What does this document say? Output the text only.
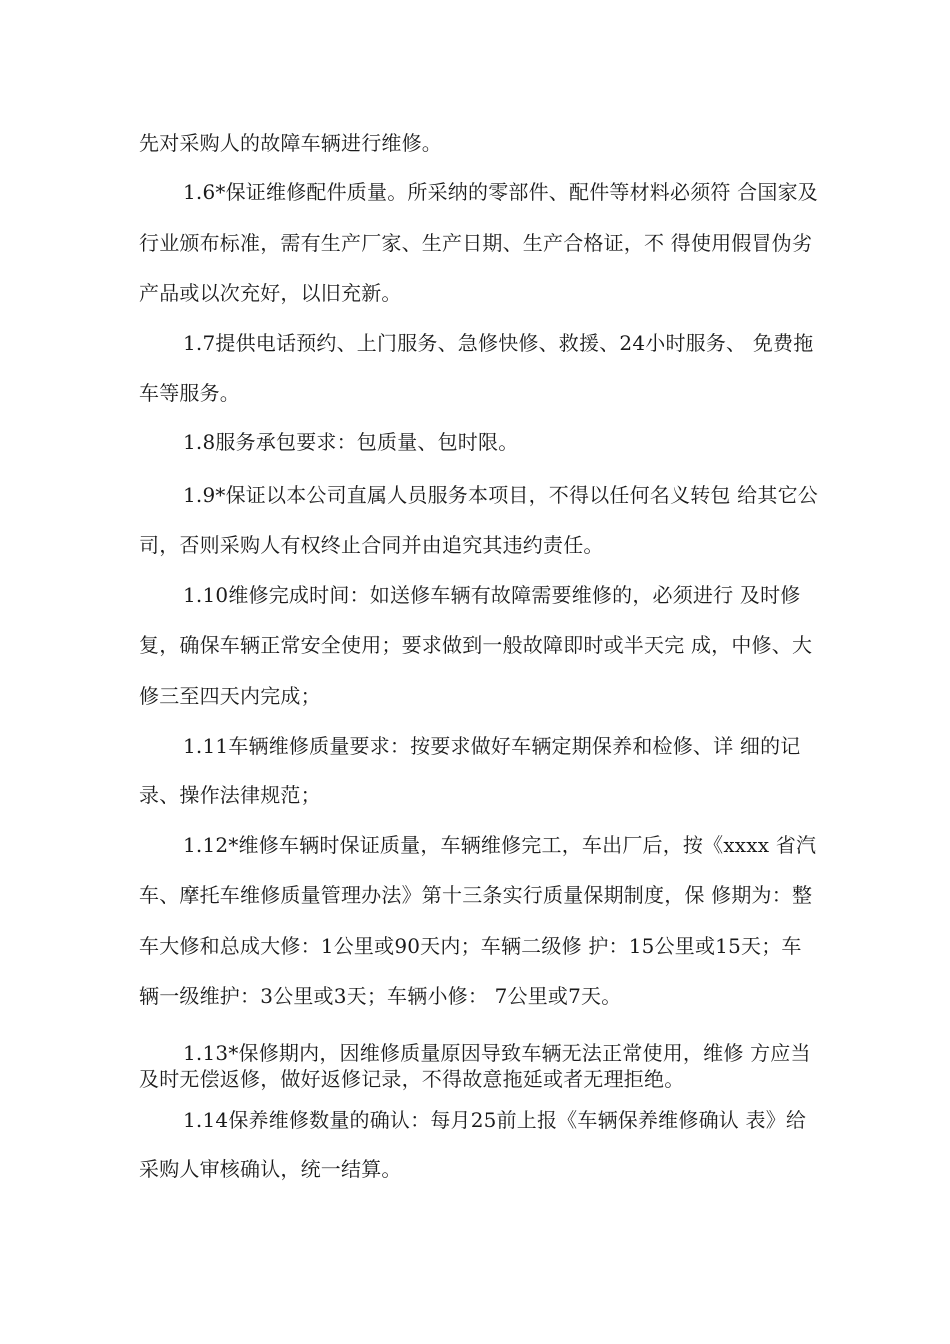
先对采购人的故障车辆进行维修。
1.6*保证维修配件质量。所采纳的零部件、配件等材料必须符 合国家及
行业颁布标准，需有生产厂家、生产日期、生产合格证，不 得使用假冒伪劣
产品或以次充好，以旧充新。
1.7提供电话预约、上门服务、急修快修、救援、24小时服务、 免费拖
车等服务。
1.8服务承包要求：包质量、包时限。
1.9*保证以本公司直属人员服务本项目，不得以任何名义转包 给其它公
司，否则采购人有权终止合同并由追究其违约责任。
1.10维修完成时间：如送修车辆有故障需要维修的，必须进行 及时修
复，确保车辆正常安全使用；要求做到一般故障即时或半天完 成，中修、大
修三至四天内完成；
1.11车辆维修质量要求：按要求做好车辆定期保养和检修、详 细的记
录、操作法律规范；
1.12*维修车辆时保证质量，车辆维修完工，车出厂后，按《xxxx 省汽
车、摩托车维修质量管理办法》第十三条实行质量保期制度，保 修期为：整
车大修和总成大修：1公里或90天内；车辆二级修 护：15公里或15天；车
辆一级维护：3公里或3天；车辆小修： 7公里或7天。
1.13*保修期内，因维修质量原因导致车辆无法正常使用，维修 方应当
及时无偿返修，做好返修记录，不得故意拖延或者无理拒绝。
1.14保养维修数量的确认：每月25前上报《车辆保养维修确认 表》给
采购人审核确认，统一结算。
